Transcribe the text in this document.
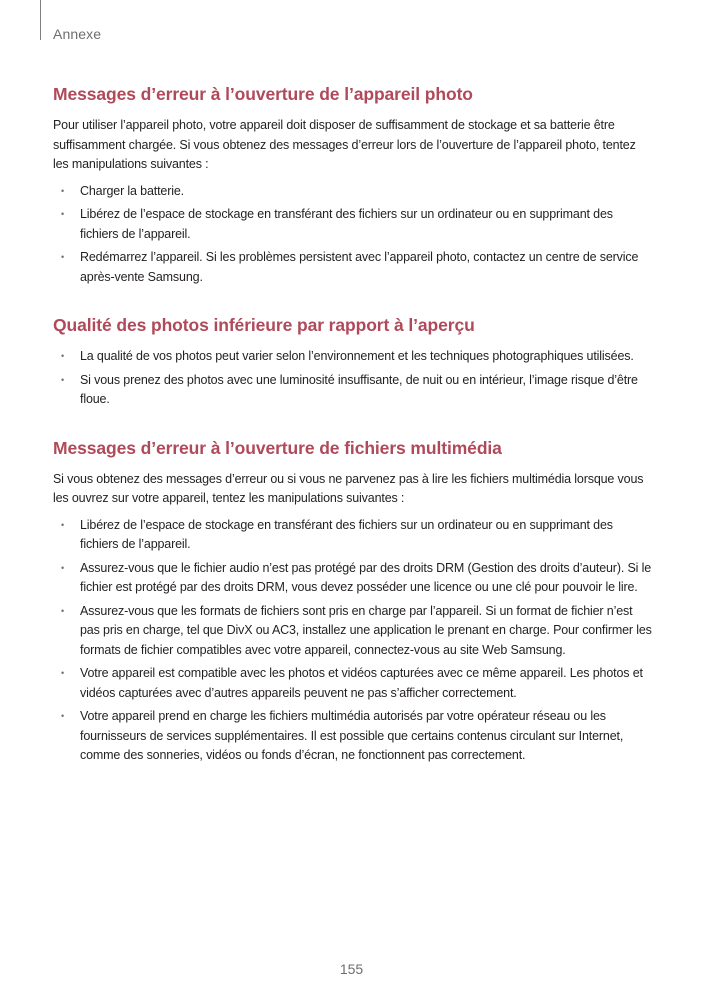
Annexe
Messages d’erreur à l’ouverture de l’appareil photo

Pour utiliser l’appareil photo, votre appareil doit disposer de suffisamment de stockage et sa batterie être suffisamment chargée. Si vous obtenez des messages d’erreur lors de l’ouverture de l’appareil photo, tentez les manipulations suivantes :

• Charger la batterie.
• Libérez de l’espace de stockage en transférant des fichiers sur un ordinateur ou en supprimant des fichiers de l’appareil.
• Redémarrez l’appareil. Si les problèmes persistent avec l’appareil photo, contactez un centre de service après-vente Samsung.
Qualité des photos inférieure par rapport à l’aperçu
• La qualité de vos photos peut varier selon l’environnement et les techniques photographiques utilisées.
• Si vous prenez des photos avec une luminosité insuffisante, de nuit ou en intérieur, l’image risque d’être floue.
Messages d’erreur à l’ouverture de fichiers multimédia

Si vous obtenez des messages d’erreur ou si vous ne parvenez pas à lire les fichiers multimédia lorsque vous les ouvrez sur votre appareil, tentez les manipulations suivantes :

• Libérez de l’espace de stockage en transférant des fichiers sur un ordinateur ou en supprimant des fichiers de l’appareil.
• Assurez-vous que le fichier audio n’est pas protégé par des droits DRM (Gestion des droits d’auteur). Si le fichier est protégé par des droits DRM, vous devez posséder une licence ou une clé pour pouvoir le lire.
• Assurez-vous que les formats de fichiers sont pris en charge par l’appareil. Si un format de fichier n’est pas pris en charge, tel que DivX ou AC3, installez une application le prenant en charge. Pour confirmer les formats de fichier compatibles avec votre appareil, connectez-vous au site Web Samsung.
• Votre appareil est compatible avec les photos et vidéos capturées avec ce même appareil. Les photos et vidéos capturées avec d’autres appareils peuvent ne pas s’afficher correctement.
• Votre appareil prend en charge les fichiers multimédia autorisés par votre opérateur réseau ou les fournisseurs de services supplémentaires. Il est possible que certains contenus circulant sur Internet, comme des sonneries, vidéos ou fonds d’écran, ne fonctionnent pas correctement.
155
